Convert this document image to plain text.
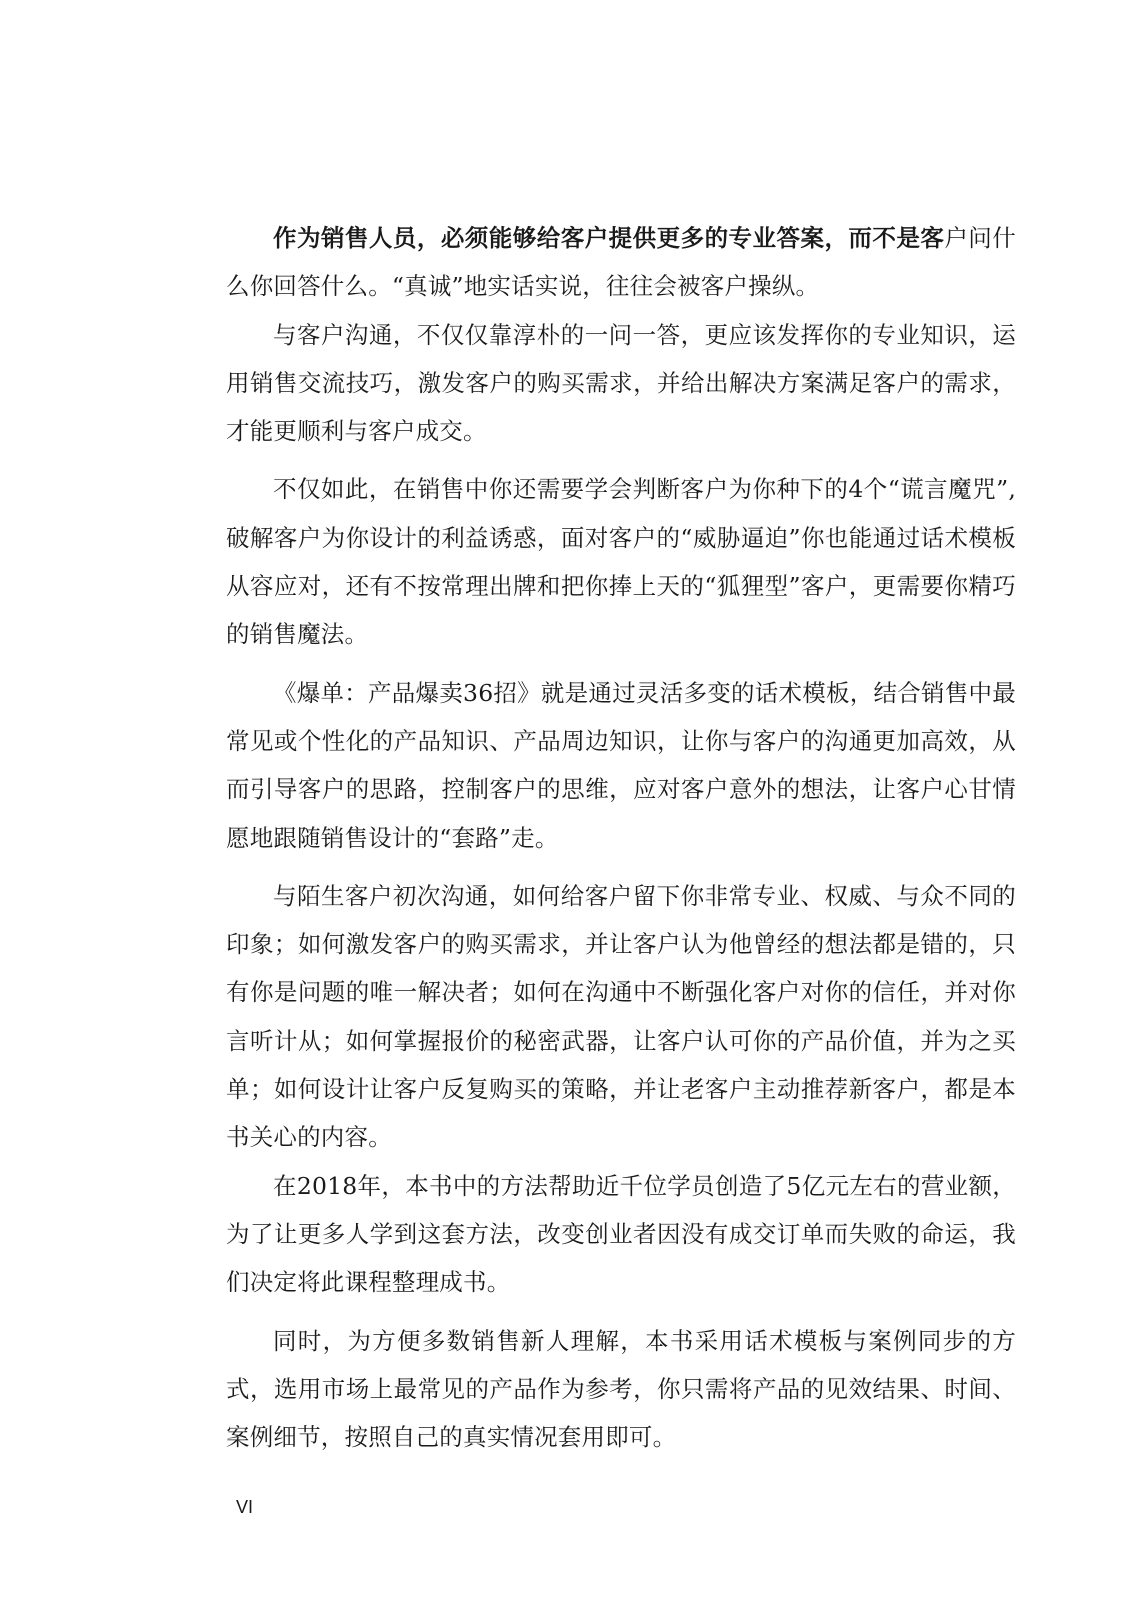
作为销售人员，必须能够给客户提供更多的专业答案，而不是客户问什么你回答什么。“真诚”地实话实说，往往会被客户操纵。

与客户沟通，不仅仅靠淳朴的一问一答，更应该发挥你的专业知识，运用销售交流技巧，激发客户的购买需求，并给出解决方案满足客户的需求，才能更顺利与客户成交。

不仅如此，在销售中你还需要学会判断客户为你种下的4个“谎言魔咒”,破解客户为你设计的利益诱惑，面对客户的“威胁逼迫”你也能通过话术模板从容应对，还有不按常理出牌和把你捧上天的“狐狸型”客户，更需要你精巧的销售魔法。

《爆单：产品爆卖36招》就是通过灵活多变的话术模板，结合销售中最常见或个性化的产品知识、产品周边知识，让你与客户的沟通更加高效，从而引导客户的思路，控制客户的思维，应对客户意外的想法，让客户心甘情愿地跟随销售设计的“套路”走。

与陌生客户初次沟通，如何给客户留下你非常专业、权威、与众不同的印象；如何激发客户的购买需求，并让客户认为他曾经的想法都是错的，只有你是问题的唯一解决者；如何在沟通中不断强化客户对你的信任，并对你言听计从；如何掌握报价的秘密武器，让客户认可你的产品价值，并为之买单；如何设计让客户反复购买的策略，并让老客户主动推荐新客户，都是本书关心的内容。

在2018年，本书中的方法帮助近千位学员创造了5亿元左右的营业额，为了让更多人学到这套方法，改变创业者因没有成交订单而失败的命运，我们决定将此课程整理成书。

同时，为方便多数销售新人理解，本书采用话术模板与案例同步的方式，选用市场上最常见的产品作为参考，你只需将产品的见效结果、时间、案例细节，按照自己的真实情况套用即可。

VI
